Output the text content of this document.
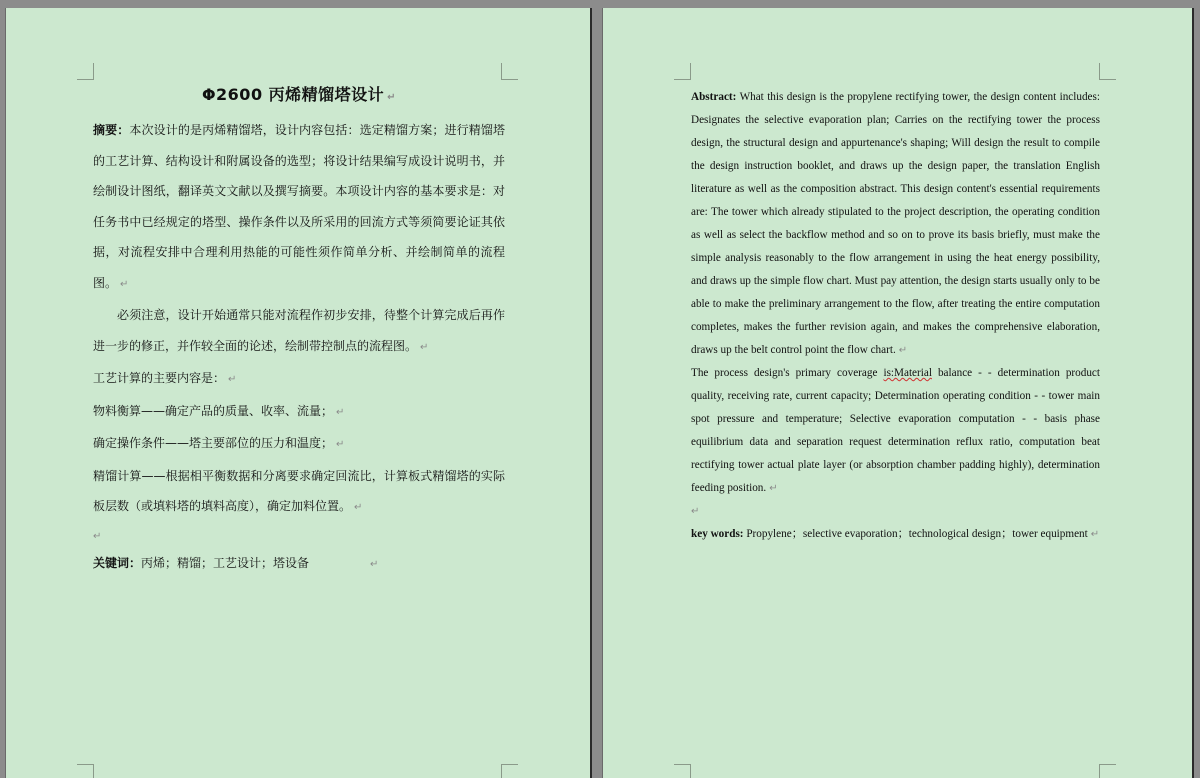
Φ2600 丙烯精馏塔设计 ↵

摘要：本次设计的是丙烯精馏塔，设计内容包括：选定精馏方案；进行精馏塔的工艺计算、结构设计和附属设备的选型；将设计结果编写成设计说明书，并绘制设计图纸，翻译英文文献以及撰写摘要。本项设计内容的基本要求是：对任务书中已经规定的塔型、操作条件以及所采用的回流方式等须简要论证其依据，对流程安排中合理利用热能的可能性须作简单分析、并绘制简单的流程图。 ↵

必须注意，设计开始通常只能对流程作初步安排，待整个计算完成后再作进一步的修正，并作较全面的论述，绘制带控制点的流程图。 ↵

工艺计算的主要内容是： ↵

物料衡算——确定产品的质量、收率、流量； ↵

确定操作条件——塔主要部位的压力和温度； ↵

精馏计算——根据相平衡数据和分离要求确定回流比，计算板式精馏塔的实际板层数（或填料塔的填料高度），确定加料位置。 ↵

↵

关键词：丙烯；精馏；工艺设计；塔设备	↵

Abstract: What this design is the propylene rectifying tower, the design content includes: Designates the selective evaporation plan; Carries on the rectifying tower the process design, the structural design and appurtenance's shaping; Will design the result to compile the design instruction booklet, and draws up the design paper, the translation English literature as well as the composition abstract. This design content's essential requirements are: The tower which already stipulated to the project description, the operating condition as well as select the backflow method and so on to prove its basis briefly, must make the simple analysis reasonably to the flow arrangement in using the heat energy possibility, and draws up the simple flow chart. Must pay attention, the design starts usually only to be able to make the preliminary arrangement to the flow, after treating the entire computation completes, makes the further revision again, and makes the comprehensive elaboration, draws up the belt control point the flow chart. ↵

The process design's primary coverage is:Material balance - - determination product quality, receiving rate, current capacity; Determination operating condition - - tower main spot pressure and temperature; Selective evaporation computation - - basis phase equilibrium data and separation request determination reflux ratio, computation beat rectifying tower actual plate layer (or absorption chamber padding highly), determination feeding position. ↵

↵

key words: Propylene；selective evaporation；technological design；tower equipment ↵
